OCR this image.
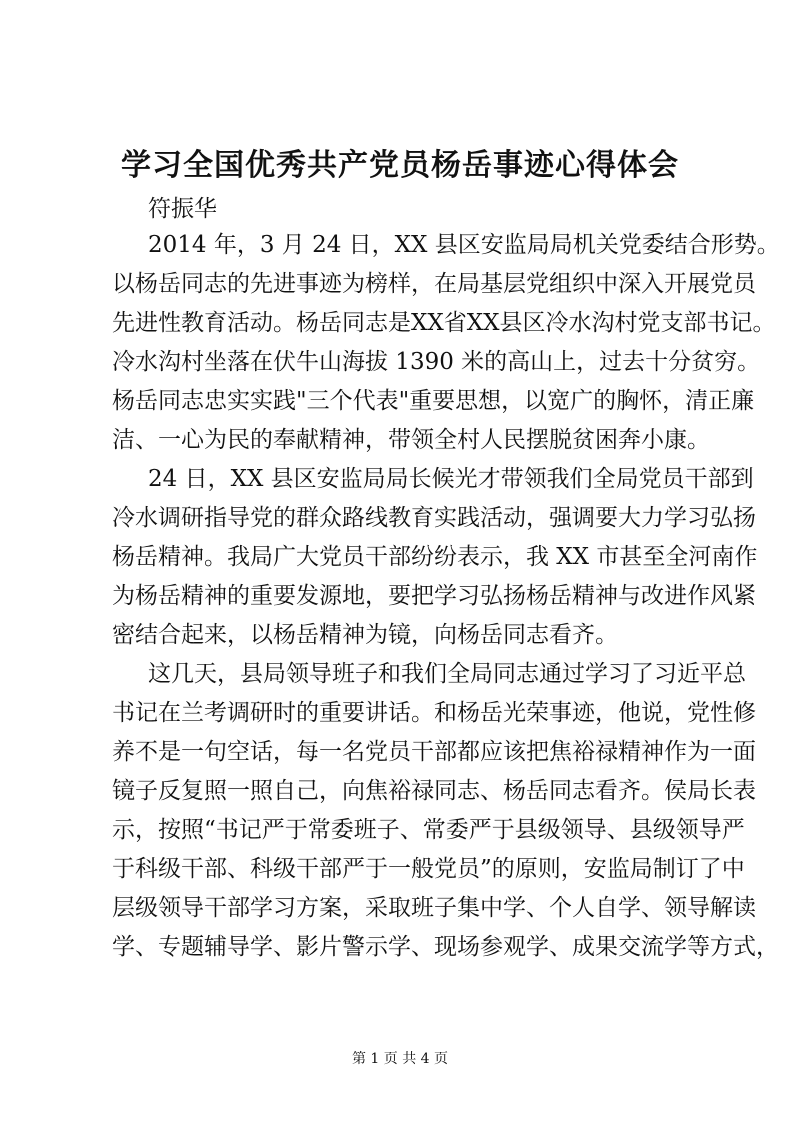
学习全国优秀共产党员杨岳事迹心得体会

符振华

2014 年，3 月 24 日，XX 县区安监局局机关党委结合形势。

以杨岳同志的先进事迹为榜样，在局基层党组织中深入开展党员

先进性教育活动。杨岳同志是XX省XX县区冷水沟村党支部书记。

冷水沟村坐落在伏牛山海拔 1390 米的高山上，过去十分贫穷。

杨岳同志忠实实践"三个代表"重要思想，以宽广的胸怀，清正廉

洁、一心为民的奉献精神，带领全村人民摆脱贫困奔小康。

24 日，XX 县区安监局局长候光才带领我们全局党员干部到

冷水调研指导党的群众路线教育实践活动，强调要大力学习弘扬

杨岳精神。我局广大党员干部纷纷表示，我 XX 市甚至全河南作

为杨岳精神的重要发源地，要把学习弘扬杨岳精神与改进作风紧

密结合起来，以杨岳精神为镜，向杨岳同志看齐。

这几天，县局领导班子和我们全局同志通过学习了习近平总

书记在兰考调研时的重要讲话。和杨岳光荣事迹，他说，党性修

养不是一句空话，每一名党员干部都应该把焦裕禄精神作为一面

镜子反复照一照自己，向焦裕禄同志、杨岳同志看齐。侯局长表

示，按照“书记严于常委班子、常委严于县级领导、县级领导严

于科级干部、科级干部严于一般党员”的原则，安监局制订了中

层级领导干部学习方案，采取班子集中学、个人自学、领导解读

学、专题辅导学、影片警示学、现场参观学、成果交流学等方式，

第 1 页 共 4 页
